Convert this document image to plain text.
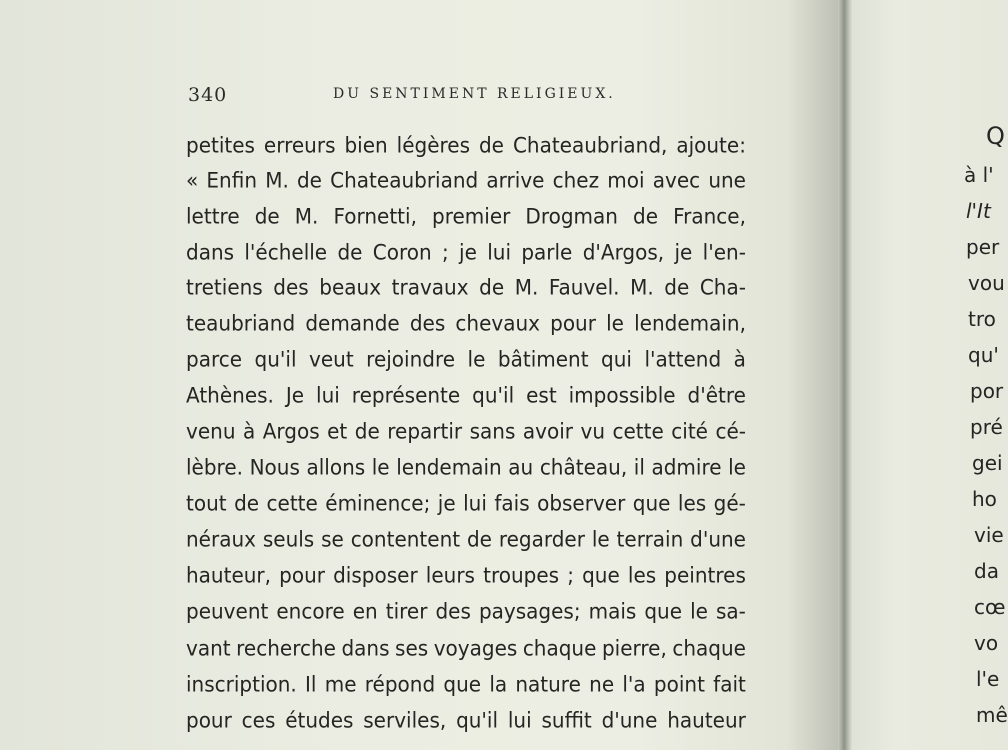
340	DU SENTIMENT RELIGIEUX.
petites erreurs bien légères de Chateaubriand, ajoute:
« Enfin M. de Chateaubriand arrive chez moi avec une
lettre de M. Fornetti, premier Drogman de France,
dans l'échelle de Coron ; je lui parle d'Argos, je l'en-
tretiens des beaux travaux de M. Fauvel. M. de Cha-
teaubriand demande des chevaux pour le lendemain,
parce qu'il veut rejoindre le bâtiment qui l'attend à
Athènes. Je lui représente qu'il est impossible d'être
venu à Argos et de repartir sans avoir vu cette cité cé-
lèbre. Nous allons le lendemain au château, il admire le
tout de cette éminence; je lui fais observer que les gé-
néraux seuls se contentent de regarder le terrain d'une
hauteur, pour disposer leurs troupes ; que les peintres
peuvent encore en tirer des paysages; mais que le sa-
vant recherche dans ses voyages chaque pierre, chaque
inscription. Il me répond que la nature ne l'a point fait
pour ces études serviles, qu'il lui suffit d'une hauteur
Q
à l'
l'It
per
vou
tro
qu'
por
pré
gei
ho
vie
da
cœ
vo
l'e
mê
